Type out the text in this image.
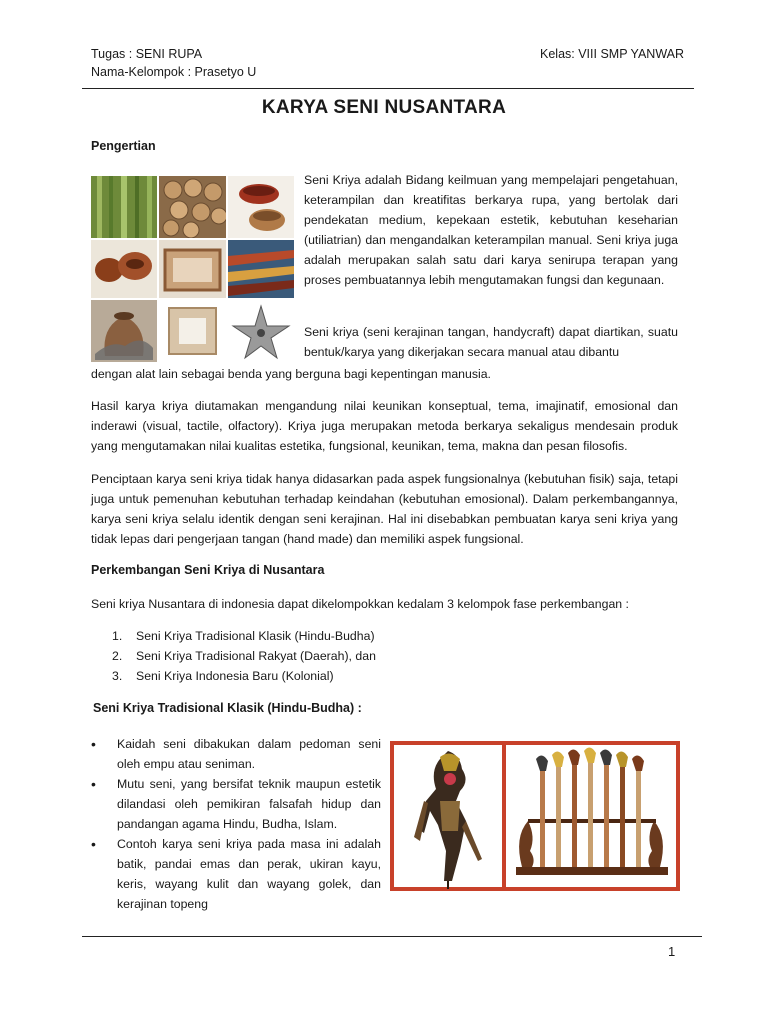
Tugas : SENI RUPA
Nama-Kelompok : Prasetyo U
Kelas: VIII SMP YANWAR
KARYA SENI NUSANTARA
Pengertian

Seni Kriya adalah Bidang keilmuan yang mempelajari pengetahuan, keterampilan dan kreatifitas berkarya rupa, yang bertolak dari pendekatan medium, kepekaan estetik, kebutuhan keseharian (utiliatrian) dan mengandalkan keterampilan manual. Seni kriya juga adalah merupakan salah satu dari karya senirupa terapan yang proses pembuatannya lebih mengutamakan fungsi dan kegunaan.

Seni kriya (seni kerajinan tangan, handycraft) dapat diartikan, suatu bentuk/karya yang dikerjakan secara manual atau dibantu

dengan alat lain sebagai benda yang berguna bagi kepentingan manusia.

Hasil karya kriya diutamakan mengandung nilai keunikan konseptual, tema, imajinatif, emosional dan inderawi (visual, tactile, olfactory). Kriya juga merupakan metoda berkarya sekaligus mendesain produk yang mengutamakan nilai kualitas estetika, fungsional, keunikan, tema, makna dan pesan filosofis.

Penciptaan karya seni kriya tidak hanya didasarkan pada aspek fungsionalnya (kebutuhan fisik) saja, tetapi juga untuk pemenuhan kebutuhan terhadap keindahan (kebutuhan emosional). Dalam perkembangannya, karya seni kriya selalu identik dengan seni kerajinan. Hal ini disebabkan pembuatan karya seni kriya yang tidak lepas dari pengerjaan tangan (hand made) dan memiliki aspek fungsional.

Perkembangan Seni Kriya di Nusantara

Seni kriya Nusantara di indonesia dapat dikelompokkan kedalam 3 kelompok fase perkembangan :

1. Seni Kriya Tradisional Klasik (Hindu-Budha)
2. Seni Kriya Tradisional Rakyat (Daerah), dan
3. Seni Kriya Indonesia Baru (Kolonial)
Seni Kriya Tradisional Klasik (Hindu-Budha) :
• Kaidah seni dibakukan dalam pedoman seni oleh empu atau seniman.
• Mutu seni, yang bersifat teknik maupun estetik dilandasi oleh pemikiran falsafah hidup dan pandangan agama Hindu, Budha, Islam.
• Contoh karya seni kriya pada masa ini adalah batik, pandai emas dan perak, ukiran kayu, keris, wayang kulit dan wayang golek, dan kerajinan topeng
1
